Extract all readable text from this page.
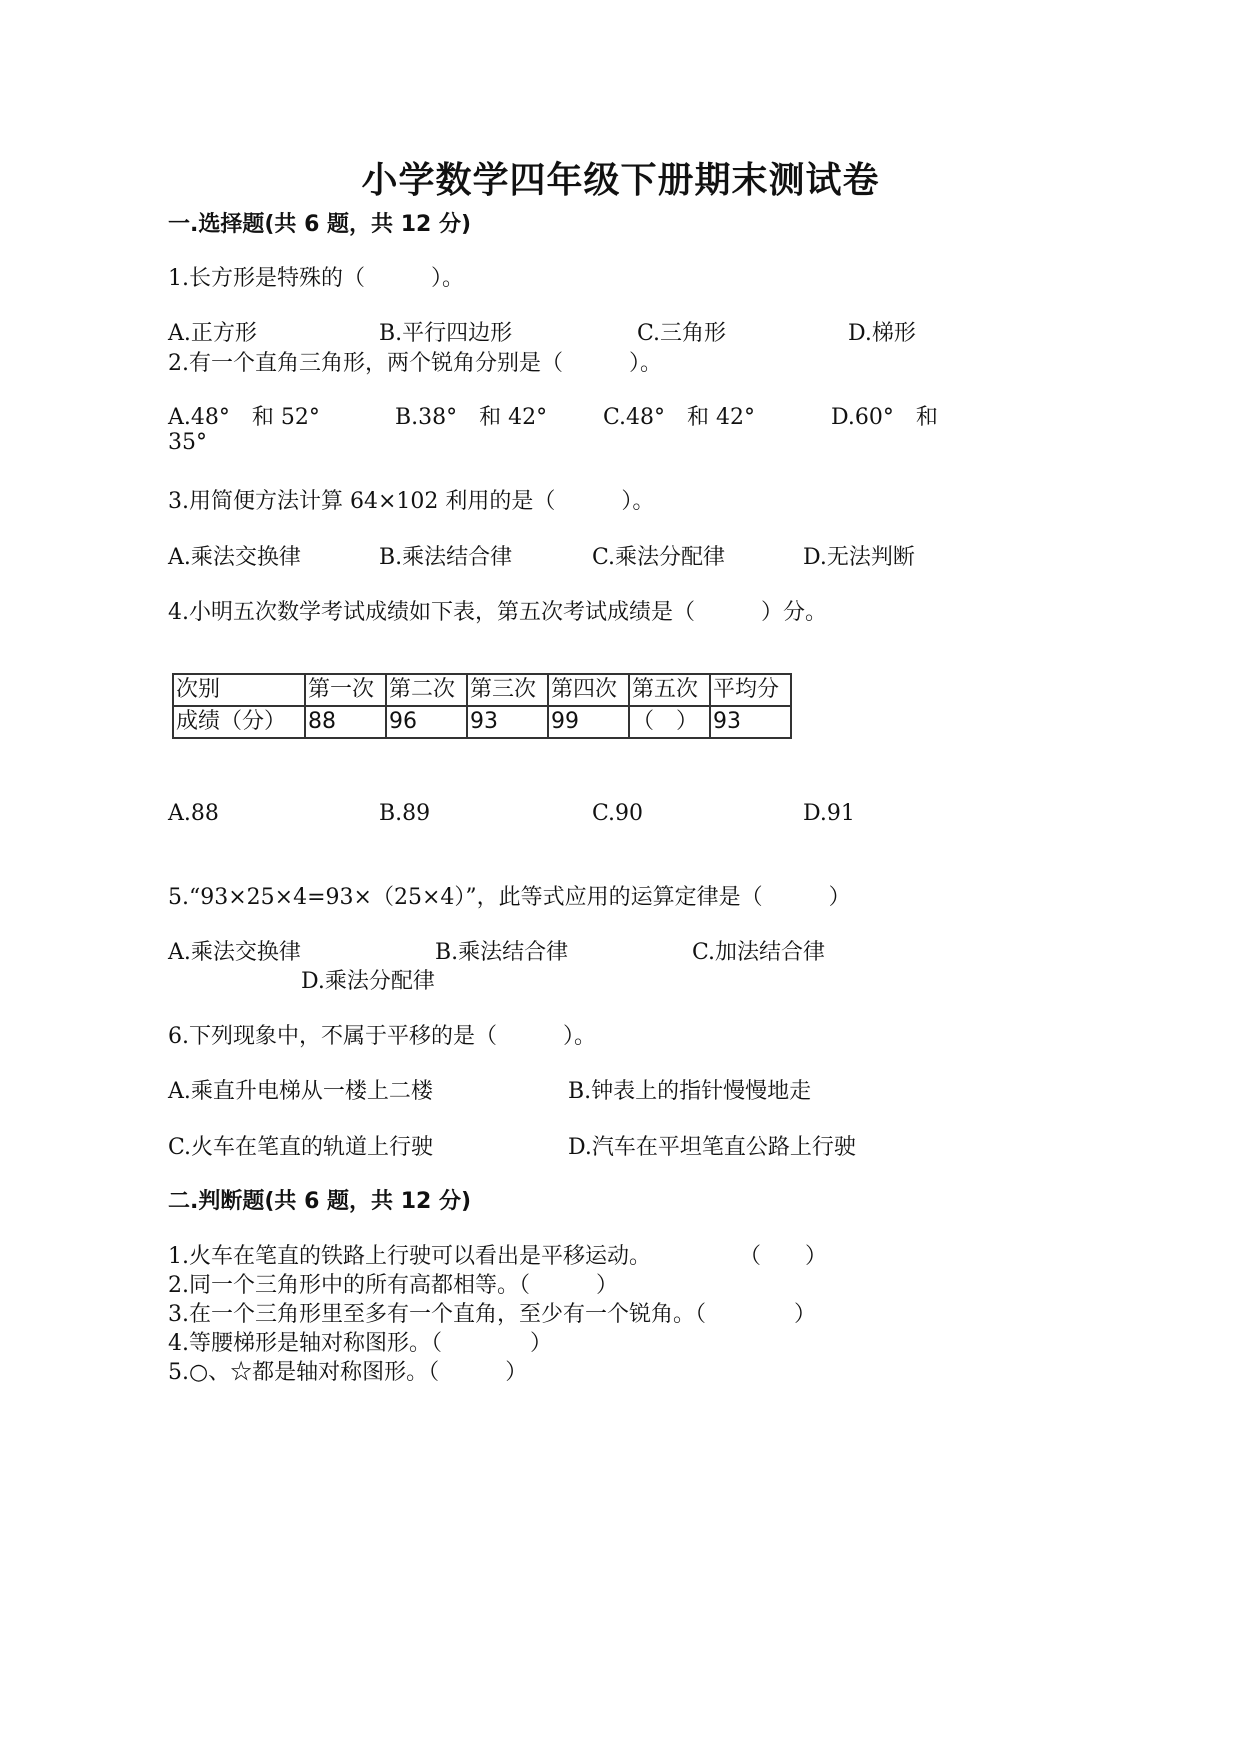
小学数学四年级下册期末测试卷
一.选择题(共 6 题，共 12 分)
1.长方形是特殊的（　　　）。
A.正方形	B.平行四边形	C.三角形	D.梯形
2.有一个直角三角形，两个锐角分别是（　　　）。
A.48°　和 52°	B.38°　和 42°	C.48°　和 42°	D.60°　和
35°
3.用简便方法计算 64×102 利用的是（　　　）。
A.乘法交换律	B.乘法结合律	C.乘法分配律	D.无法判断
4.小明五次数学考试成绩如下表，第五次考试成绩是（　　　）分。
次别	第一次	第二次	第三次	第四次	第五次	平均分
成绩（分）	88	96	93	99	（　）	93
A.88	B.89	C.90	D.91
5.“93×25×4=93×（25×4）”，此等式应用的运算定律是（　　　）
A.乘法交换律	B.乘法结合律	C.加法结合律
D.乘法分配律
6.下列现象中，不属于平移的是（　　　）。
A.乘直升电梯从一楼上二楼	B.钟表上的指针慢慢地走
C.火车在笔直的轨道上行驶	D.汽车在平坦笔直公路上行驶
二.判断题(共 6 题，共 12 分)
1.火车在笔直的铁路上行驶可以看出是平移运动。　　　　　（　　）
2.同一个三角形中的所有高都相等。（　　　）
3.在一个三角形里至多有一个直角，至少有一个锐角。（　　　　）
4.等腰梯形是轴对称图形。（　　　　）
5.○、☆都是轴对称图形。（　　　）
